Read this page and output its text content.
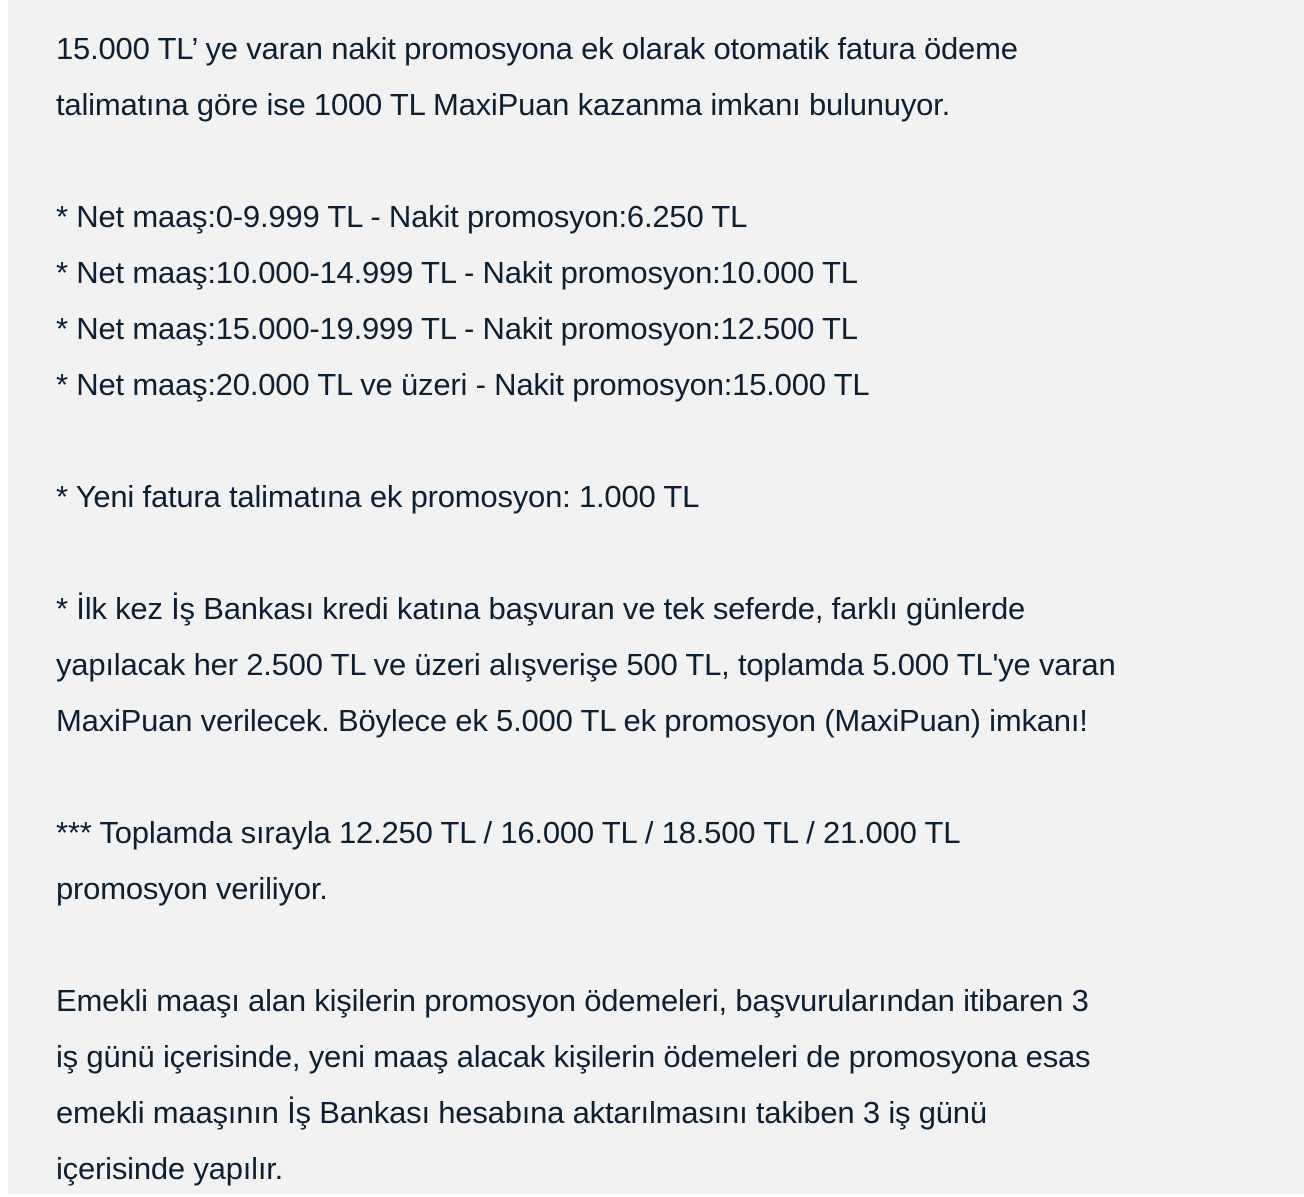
15.000 TL’ ye varan nakit promosyona ek olarak otomatik fatura ödeme

talimatına göre ise 1000 TL MaxiPuan kazanma imkanı bulunuyor.

* Net maaş:0-9.999 TL - Nakit promosyon:6.250 TL

* Net maaş:10.000-14.999 TL - Nakit promosyon:10.000 TL

* Net maaş:15.000-19.999 TL - Nakit promosyon:12.500 TL

* Net maaş:20.000 TL ve üzeri - Nakit promosyon:15.000 TL

* Yeni fatura talimatına ek promosyon: 1.000 TL

* İlk kez İş Bankası kredi katına başvuran ve tek seferde, farklı günlerde

yapılacak her 2.500 TL ve üzeri alışverişe 500 TL, toplamda 5.000 TL'ye varan

MaxiPuan verilecek. Böylece ek 5.000 TL ek promosyon (MaxiPuan) imkanı!

*** Toplamda sırayla 12.250 TL / 16.000 TL / 18.500 TL / 21.000 TL

promosyon veriliyor.

Emekli maaşı alan kişilerin promosyon ödemeleri, başvurularından itibaren 3

iş günü içerisinde, yeni maaş alacak kişilerin ödemeleri de promosyona esas

emekli maaşının İş Bankası hesabına aktarılmasını takiben 3 iş günü

içerisinde yapılır.
